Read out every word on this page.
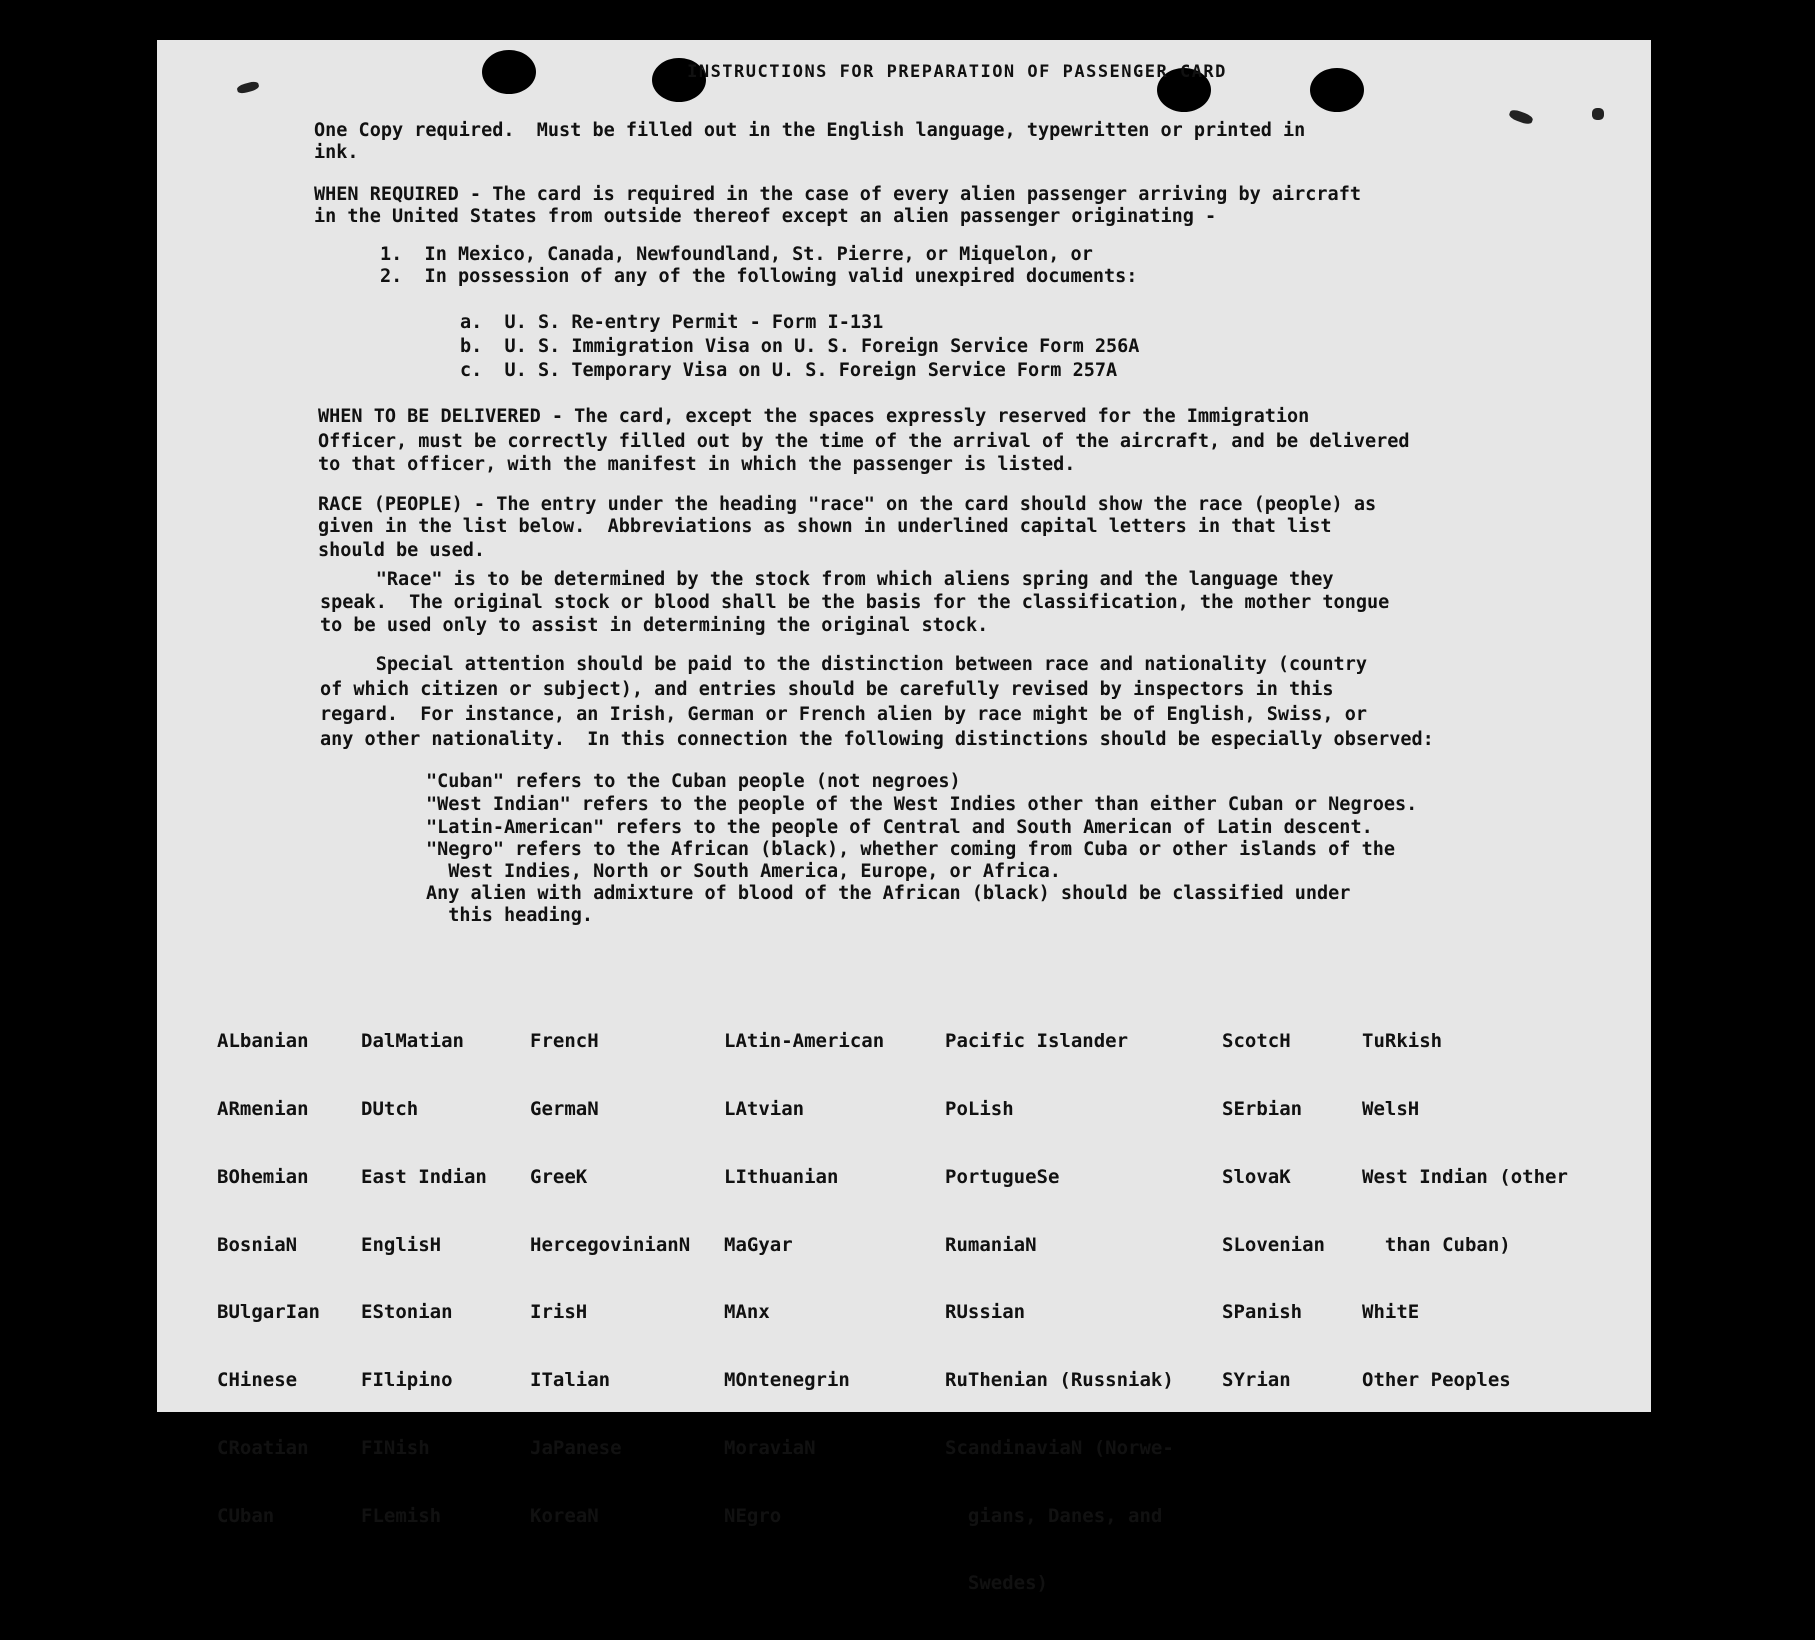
INSTRUCTIONS FOR PREPARATION OF PASSENGER CARD
One Copy required.  Must be filled out in the English language, typewritten or printed in
ink.
WHEN REQUIRED - The card is required in the case of every alien passenger arriving by aircraft
in the United States from outside thereof except an alien passenger originating -
1.  In Mexico, Canada, Newfoundland, St. Pierre, or Miquelon, or
2.  In possession of any of the following valid unexpired documents:
a.  U. S. Re-entry Permit - Form I-131
b.  U. S. Immigration Visa on U. S. Foreign Service Form 256A
c.  U. S. Temporary Visa on U. S. Foreign Service Form 257A
WHEN TO BE DELIVERED - The card, except the spaces expressly reserved for the Immigration
Officer, must be correctly filled out by the time of the arrival of the aircraft, and be delivered
to that officer, with the manifest in which the passenger is listed.
RACE (PEOPLE) - The entry under the heading "race" on the card should show the race (people) as
given in the list below.  Abbreviations as shown in underlined capital letters in that list
should be used.
"Race" is to be determined by the stock from which aliens spring and the language they
speak.  The original stock or blood shall be the basis for the classification, the mother tongue
to be used only to assist in determining the original stock.
Special attention should be paid to the distinction between race and nationality (country
of which citizen or subject), and entries should be carefully revised by inspectors in this
regard.  For instance, an Irish, German or French alien by race might be of English, Swiss, or
any other nationality.  In this connection the following distinctions should be especially observed:
"Cuban" refers to the Cuban people (not negroes)
"West Indian" refers to the people of the West Indies other than either Cuban or Negroes.
"Latin-American" refers to the people of Central and South American of Latin descent.
"Negro" refers to the African (black), whether coming from Cuba or other islands of the
West Indies, North or South America, Europe, or Africa.
Any alien with admixture of blood of the African (black) should be classified under
this heading.

ALbanian

ARmenian

BOhemian

BosniaN

BUlgarIan

CHinese

CRoatian

CUban

DalMatian

DUtch

East Indian

EnglisH

EStonian

FIlipino

FINish

FLemish

FrencH

GermaN

GreeK

HercegovinianN

IrisH

ITalian

JaPanese

KoreaN

LAtin-American

LAtvian

LIthuanian

MaGyar

MAnx

MOntenegrin

MoraviaN

NEgro

Pacific Islander

PoLish

PortugueSe

RumaniaN

RUssian

RuThenian (Russniak)

ScandinaviaN (Norwe-

gians, Danes, and

Swedes)

ScotcH

SErbian

SlovaK

SLovenian

SPanish

SYrian

TuRkish

WelsH

West Indian (other

than Cuban)

WhitE

Other Peoples
